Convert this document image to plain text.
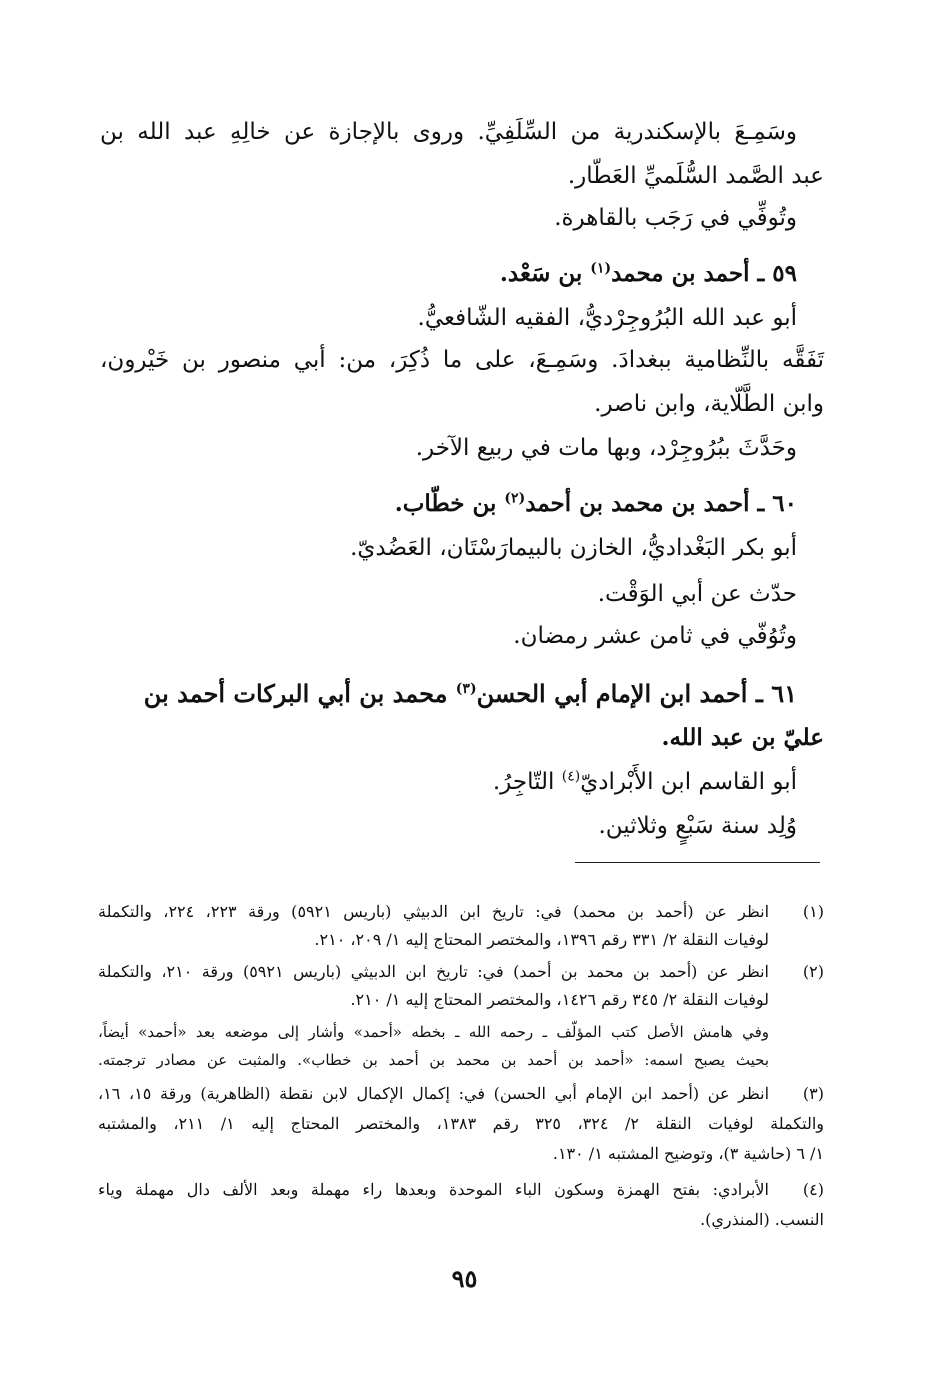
وسَمِـعَ بالإسكندرية من السِّلَفِيِّ. وروى بالإجازة عن خالِهِ عبد الله بن
عبد الصَّمد السُّلَميِّ العَطّار.
وتُوفِّي في رَجَب بالقاهرة.
٥٩ ـ أحمد بن محمد$^{(١)}$ بن سَعْد.
أبو عبد الله البُرُوجِرْديُّ، الفقيه الشّافعيُّ.
تَفَقَّه بالنِّظامية ببغدادَ. وسَمِـعَ، على ما ذُكِرَ، من: أبي منصور بن خَيْرون،
وابن الطَّلّاية، وابن ناصر.
وحَدَّثَ ببُرُوجِرْد، وبها مات في ربيع الآخر.
٦٠ ـ أحمد بن محمد بن أحمد$^{(٢)}$ بن خطّاب.
أبو بكر البَغْداديُّ، الخازن بالبيمارَسْتَان، العَضُديّ.
حدّث عن أبي الوَقْت.
وتُوُفّي في ثامن عشر رمضان.
٦١ ـ أحمد ابن الإمام أبي الحسن$^{(٣)}$ محمد بن أبي البركات أحمد بن
عليّ بن عبد الله.
أبو القاسم ابن الأَبْراديّ$^{(٤)}$ التّاجِرُ.
وُلِد سنة سَبْعٍ وثلاثين.
(١)
انظر عن (أحمد بن محمد) في: تاريخ ابن الدبيثي (باريس ٥٩٢١) ورقة ٢٢٣، ٢٢٤، والتكملة
لوفيات النقلة ٢/ ٣٣١ رقم ١٣٩٦، والمختصر المحتاج إليه ١/ ٢٠٩، ٢١٠.
(٢)
انظر عن (أحمد بن محمد بن أحمد) في: تاريخ ابن الدبيثي (باريس ٥٩٢١) ورقة ٢١٠، والتكملة
لوفيات النقلة ٢/ ٣٤٥ رقم ١٤٢٦، والمختصر المحتاج إليه ١/ ٢١٠.
وفي هامش الأصل كتب المؤلّف ـ رحمه الله ـ بخطه «أحمد» وأشار إلى موضعه بعد «أحمد» أيضاً،
بحيث يصبح اسمه: «أحمد بن أحمد بن محمد بن أحمد بن خطاب». والمثبت عن مصادر ترجمته.
(٣)
انظر عن (أحمد ابن الإمام أبي الحسن) في: إكمال الإكمال لابن نقطة (الظاهرية) ورقة ١٥، ١٦،
والتكملة لوفيات النقلة ٢/ ٣٢٤، ٣٢٥ رقم ١٣٨٣، والمختصر المحتاج إليه ١/ ٢١١، والمشتبه
١/ ٦ (حاشية ٣)، وتوضيح المشتبه ١/ ١٣٠.
(٤)
الأبرادي: بفتح الهمزة وسكون الباء الموحدة وبعدها راء مهملة وبعد الألف دال مهملة وياء
النسب. (المنذري).
٩٥
